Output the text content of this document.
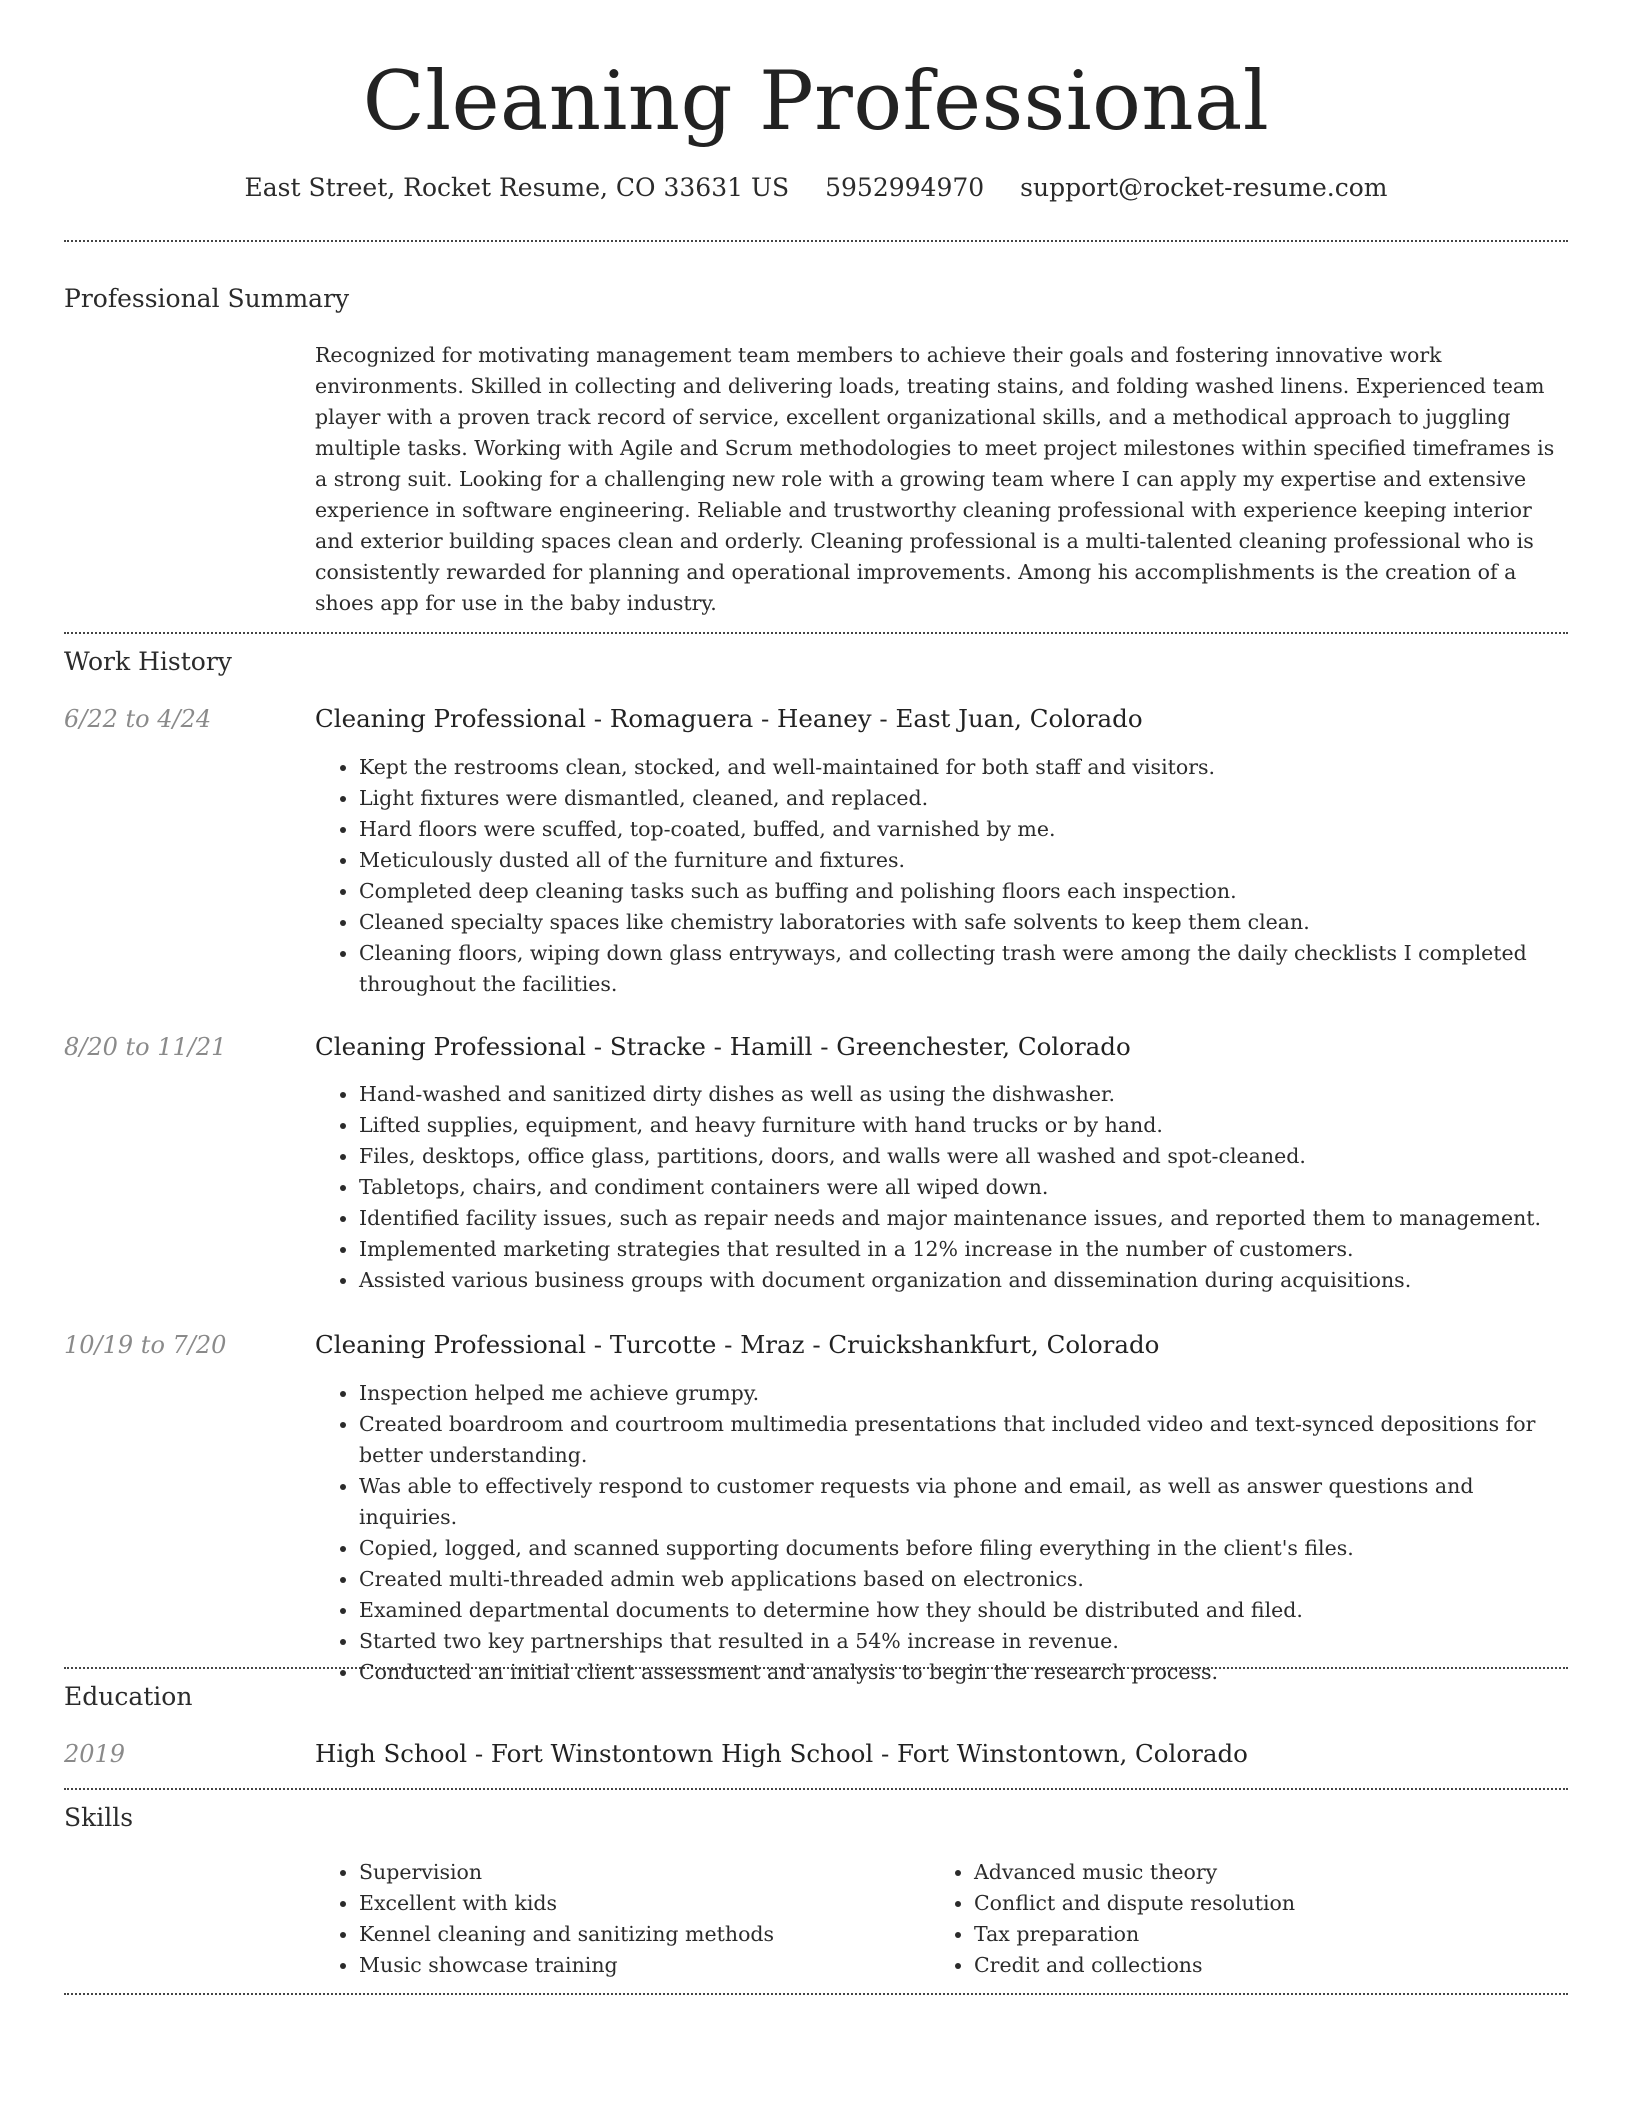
Cleaning Professional
East Street, Rocket Resume, CO 33631 US 5952994970 support@rocket-resume.com
Professional Summary
Recognized for motivating management team members to achieve their goals and fostering innovative work environments. Skilled in collecting and delivering loads, treating stains, and folding washed linens. Experienced team player with a proven track record of service, excellent organizational skills, and a methodical approach to juggling multiple tasks. Working with Agile and Scrum methodologies to meet project milestones within specified timeframes is a strong suit. Looking for a challenging new role with a growing team where I can apply my expertise and extensive experience in software engineering. Reliable and trustworthy cleaning professional with experience keeping interior and exterior building spaces clean and orderly. Cleaning professional is a multi-talented cleaning professional who is consistently rewarded for planning and operational improvements. Among his accomplishments is the creation of a shoes app for use in the baby industry.
Work History
6/22 to 4/24	Cleaning Professional - Romaguera - Heaney - East Juan, Colorado
• Kept the restrooms clean, stocked, and well-maintained for both staff and visitors.
• Light fixtures were dismantled, cleaned, and replaced.
• Hard floors were scuffed, top-coated, buffed, and varnished by me.
• Meticulously dusted all of the furniture and fixtures.
• Completed deep cleaning tasks such as buffing and polishing floors each inspection.
• Cleaned specialty spaces like chemistry laboratories with safe solvents to keep them clean.
• Cleaning floors, wiping down glass entryways, and collecting trash were among the daily checklists I completed throughout the facilities.
8/20 to 11/21	Cleaning Professional - Stracke - Hamill - Greenchester, Colorado
• Hand-washed and sanitized dirty dishes as well as using the dishwasher.
• Lifted supplies, equipment, and heavy furniture with hand trucks or by hand.
• Files, desktops, office glass, partitions, doors, and walls were all washed and spot-cleaned.
• Tabletops, chairs, and condiment containers were all wiped down.
• Identified facility issues, such as repair needs and major maintenance issues, and reported them to management.
• Implemented marketing strategies that resulted in a 12% increase in the number of customers.
• Assisted various business groups with document organization and dissemination during acquisitions.
10/19 to 7/20	Cleaning Professional - Turcotte - Mraz - Cruickshankfurt, Colorado
• Inspection helped me achieve grumpy.
• Created boardroom and courtroom multimedia presentations that included video and text-synced depositions for better understanding.
• Was able to effectively respond to customer requests via phone and email, as well as answer questions and inquiries.
• Copied, logged, and scanned supporting documents before filing everything in the client's files.
• Created multi-threaded admin web applications based on electronics.
• Examined departmental documents to determine how they should be distributed and filed.
• Started two key partnerships that resulted in a 54% increase in revenue.
• Conducted an initial client assessment and analysis to begin the research process.
Education
2019	High School - Fort Winstontown High School - Fort Winstontown, Colorado
Skills
• Supervision
• Excellent with kids
• Kennel cleaning and sanitizing methods
• Music showcase training
• Advanced music theory
• Conflict and dispute resolution
• Tax preparation
• Credit and collections
